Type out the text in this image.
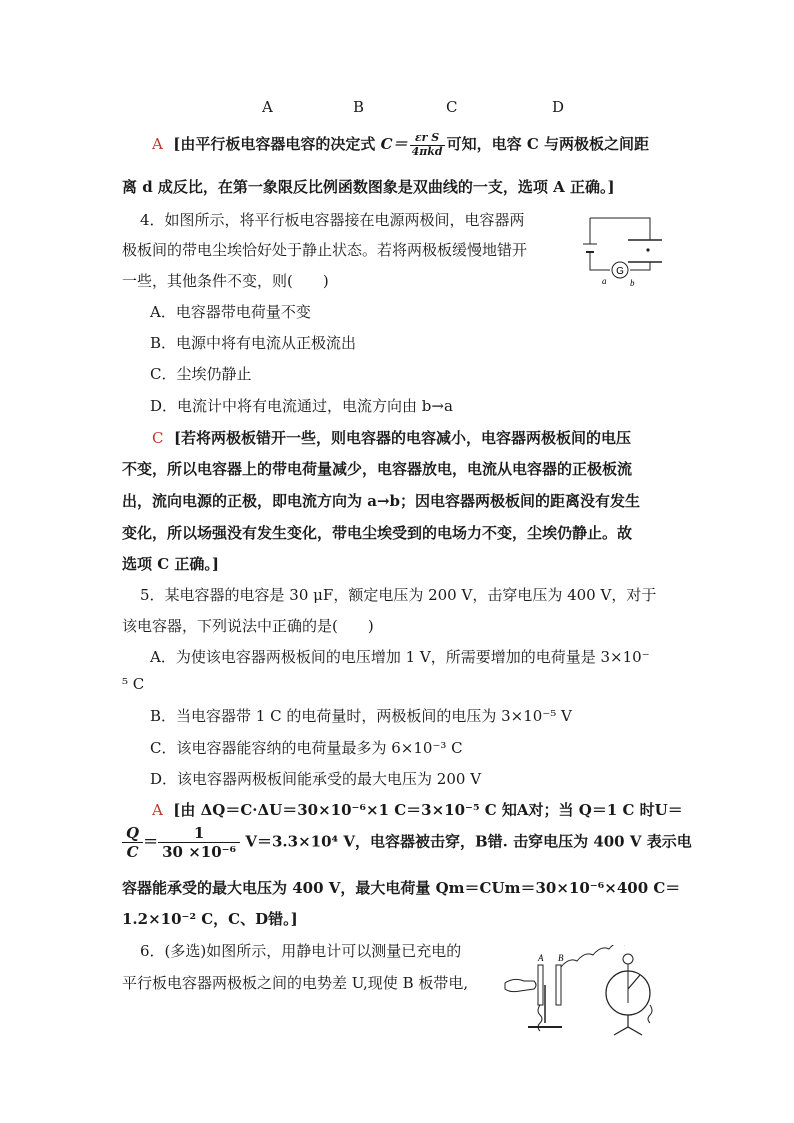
A	B	C	D
A [由平行板电容器电容的决定式 $C= \frac{\text{εr S}}{\text{4πkd}}$ 可知，电容 C 与两极板之间距
离 d 成反比，在第一象限反比例函数图象是双曲线的一支，选项 A 正确。]
4．如图所示，将平行板电容器接在电源两极间，电容器两
极板间的带电尘埃恰好处于静止状态。若将两极板缓慢地错开
一些，其他条件不变，则(　　)
G
a	b
A．电容器带电荷量不变
B．电源中将有电流从正极流出
C．尘埃仍静止
D．电流计中将有电流通过，电流方向由 b→a
C [若将两极板错开一些，则电容器的电容减小，电容器两极板间的电压
不变，所以电容器上的带电荷量减少，电容器放电，电流从电容器的正极板流
出，流向电源的正极，即电流方向为 a→b；因电容器两极板间的距离没有发生
变化，所以场强没有发生变化，带电尘埃受到的电场力不变，尘埃仍静止。故
选项 C 正确。]
5．某电容器的电容是 30 μF，额定电压为 200 V，击穿电压为 400 V，对于
该电容器，下列说法中正确的是(　　)
A．为使该电容器两极板间的电压增加 1 V，所需要增加的电荷量是 3×10⁻
⁵ C
B．当电容器带 1 C 的电荷量时，两极板间的电压为 3×10⁻⁵ V
C．该电容器能容纳的电荷量最多为 6×10⁻³ C
D．该电容器两极板间能承受的最大电压为 200 V
A [由 ΔQ＝C·ΔU＝30×10⁻⁶×1 C＝3×10⁻⁵ C 知A对；当 Q＝1 C 时U＝
$\frac{Q}{C} = \frac{1}{\text{30 ×10⁻⁶}} V=3.3\times 10^4$ V，电容器被击穿，B错. 击穿电压为 400 V 表示电
容器能承受的最大电压为 400 V，最大电荷量 Qm＝CUm＝30×10⁻⁶×400 C＝
1.2×10⁻² C，C、D错。]
6．(多选)如图所示，用静电计可以测量已充电的
平行板电容器两极板之间的电势差 U,现使 B 板带电,
A B
